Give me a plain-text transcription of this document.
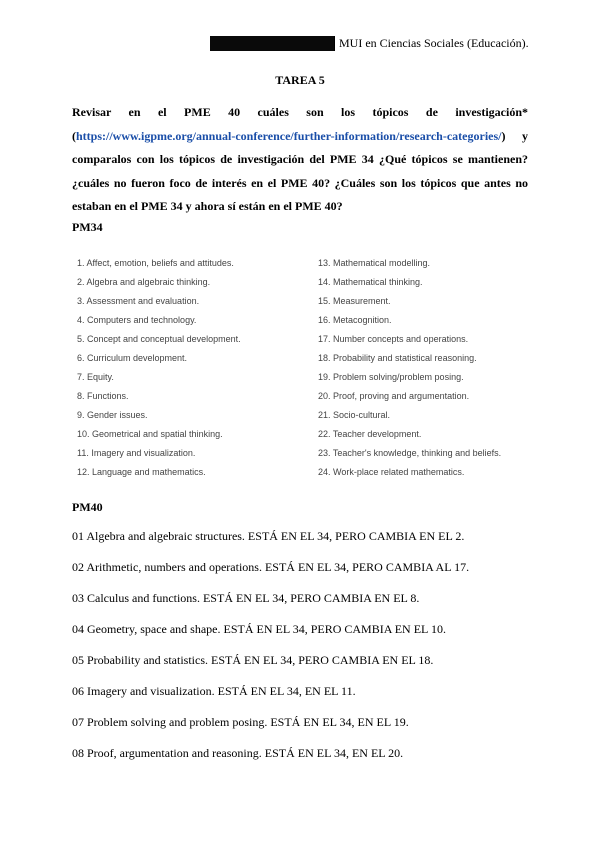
MUI en Ciencias Sociales (Educación).
TAREA 5
Revisar en el PME 40 cuáles son los tópicos de investigación* (https://www.igpme.org/annual-conference/further-information/research-categories/) y comparalos con los tópicos de investigación del PME 34 ¿Qué tópicos se mantienen? ¿cuáles no fueron foco de interés en el PME 40? ¿Cuáles son los tópicos que antes no estaban en el PME 34 y ahora sí están en el PME 40?
PM34
1. Affect, emotion, beliefs and attitudes.
2. Algebra and algebraic thinking.
3. Assessment and evaluation.
4. Computers and technology.
5. Concept and conceptual development.
6. Curriculum development.
7. Equity.
8. Functions.
9. Gender issues.
10. Geometrical and spatial thinking.
11. Imagery and visualization.
12. Language and mathematics.
13. Mathematical modelling.
14. Mathematical thinking.
15. Measurement.
16. Metacognition.
17. Number concepts and operations.
18. Probability and statistical reasoning.
19. Problem solving/problem posing.
20. Proof, proving and argumentation.
21. Socio-cultural.
22. Teacher development.
23. Teacher's knowledge, thinking and beliefs.
24. Work-place related mathematics.
PM40
01 Algebra and algebraic structures. ESTÁ EN EL 34, PERO CAMBIA EN EL 2.
02 Arithmetic, numbers and operations. ESTÁ EN EL 34, PERO CAMBIA AL 17.
03 Calculus and functions. ESTÁ EN EL 34, PERO CAMBIA EN EL 8.
04 Geometry, space and shape. ESTÁ EN EL 34, PERO CAMBIA EN EL 10.
05 Probability and statistics. ESTÁ EN EL 34, PERO CAMBIA EN EL 18.
06 Imagery and visualization. ESTÁ EN EL 34, EN EL 11.
07 Problem solving and problem posing. ESTÁ EN EL 34, EN EL 19.
08 Proof, argumentation and reasoning. ESTÁ EN EL 34, EN EL 20.
